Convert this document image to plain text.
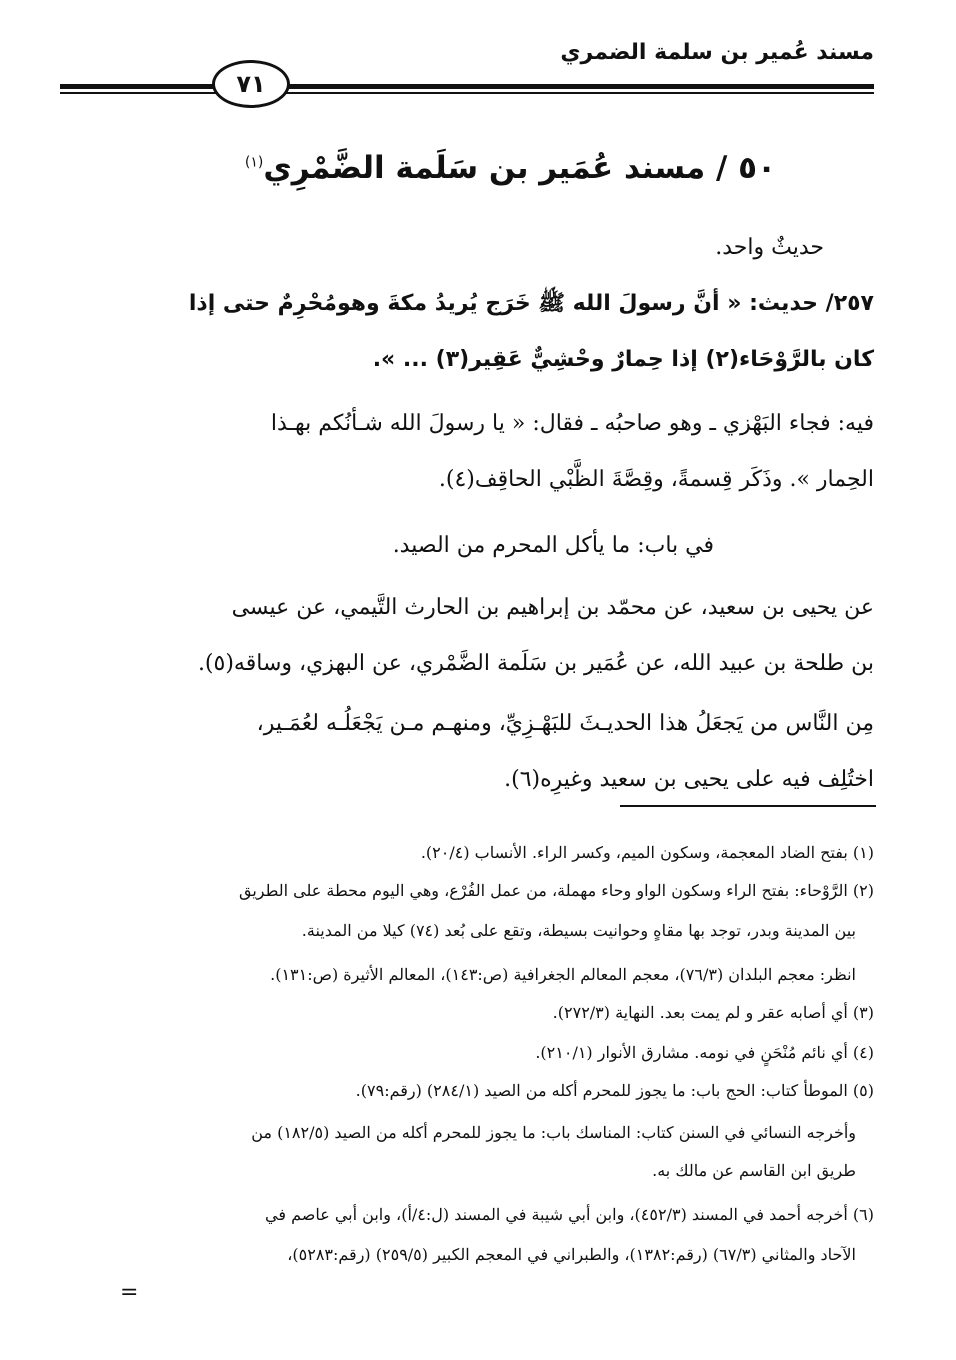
مسند عُمير بن سلمة الضمري
٧١
٥٠ / مسند عُمَير بن سَلَمة الضَّمْرِي$^{(١)}$
حديثٌ واحد.
٢٥٧/ حديث: « أنَّ رسولَ الله ﷺ خَرَج يُريدُ مكةَ وهومُحْرِمٌ حتى إذا
كان بالرَّوْحَاء(٢) إذا حِمارٌ وحْشِيٌّ عَقِير(٣) ... ».
فيه: فجاء البَهْزي ـ وهو صاحبُه ـ فقال: « يا رسولَ الله شـأنُكم بهـذا
الحِمار ». وذَكَر قِسمةً، وقِصَّةَ الظَّبْي الحاقِف(٤).
في باب: ما يأكل المحرم من الصيد.
عن يحيى بن سعيد، عن محمّد بن إبراهيم بن الحارث التَّيمي، عن عيسى
بن طلحة بن عبيد الله، عن عُمَير بن سَلَمة الضَّمْري، عن البهزي، وساقه(٥).
مِن النَّاس من يَجعَلُ هذا الحديـثَ للبَهْـزِيِّ، ومنهـم مـن يَجْعَلُـه لعُمَـير،
اختُلِف فيه على يحيى بن سعيد وغيرِه(٦).
(١) بفتح الضاد المعجمة، وسكون الميم، وكسر الراء. الأنساب (٢٠/٤).
(٢) الرَّوْحاء: بفتح الراء وسكون الواو وحاء مهملة، من عمل الفُرْع، وهي اليوم محطة على الطريق
بين المدينة وبدر، توجد بها مقاهٍ وحوانيت بسيطة، وتقع على بُعد (٧٤) كيلا من المدينة.
انظر: معجم البلدان (٧٦/٣)، معجم المعالم الجغرافية (ص:١٤٣)، المعالم الأثيرة (ص:١٣١).
(٣) أي أصابه عقر و لم يمت بعد. النهاية (٢٧٢/٣).
(٤) أي نائم مُنْحَنٍ في نومه. مشارق الأنوار (٢١٠/١).
(٥) الموطأ كتاب: الحج باب: ما يجوز للمحرم أكله من الصيد (٢٨٤/١) (رقم:٧٩).
وأخرجه النسائي في السنن كتاب: المناسك باب: ما يجوز للمحرم أكله من الصيد (١٨٢/٥) من
طريق ابن القاسم عن مالك به.
(٦) أخرجه أحمد في المسند (٤٥٢/٣)، وابن أبي شيبة في المسند (ل:٤/أ)، وابن أبي عاصم في
الآحاد والمثاني (٦٧/٣) (رقم:١٣٨٢)، والطبراني في المعجم الكبير (٢٥٩/٥) (رقم:٥٢٨٣)،
=
